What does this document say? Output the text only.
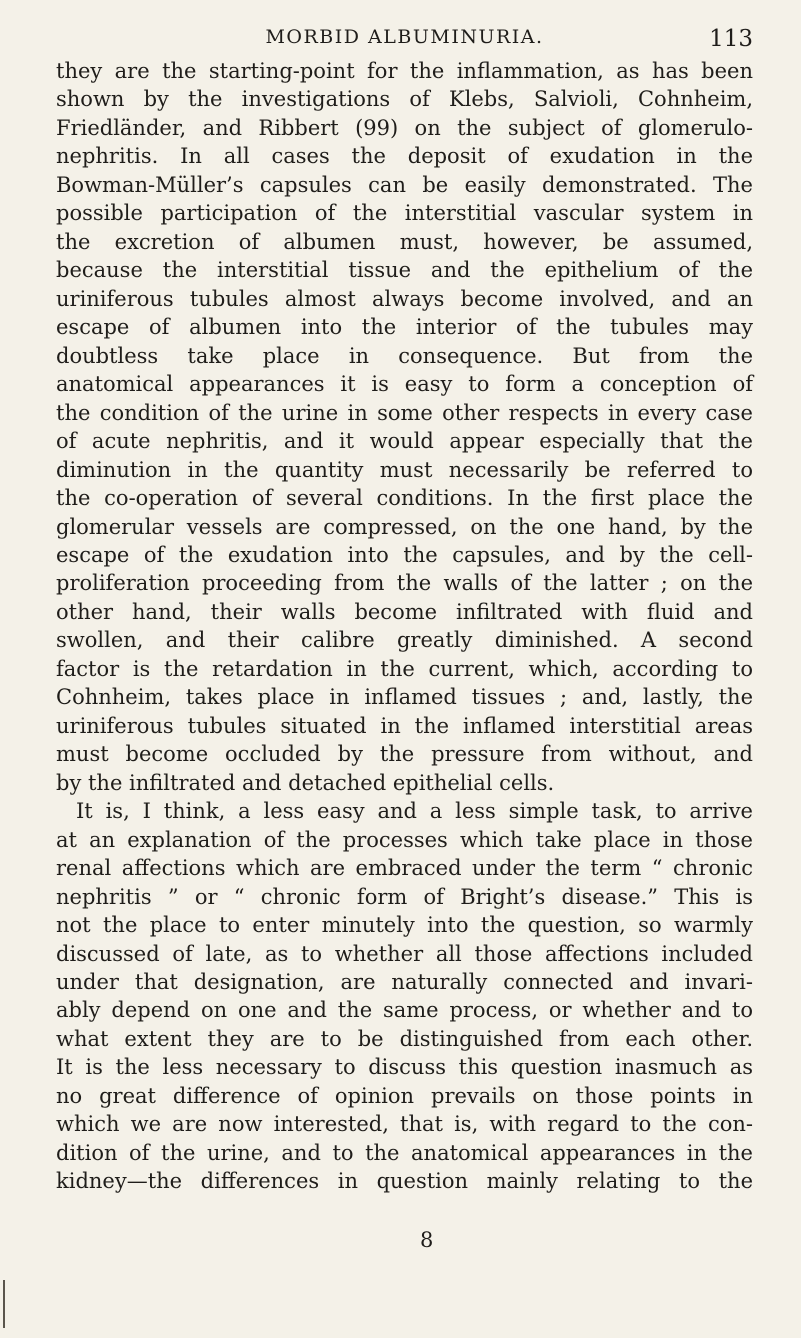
MORBID ALBUMINURIA.	113
they are the starting-point for the inflammation, as has been
shown by the investigations of Klebs, Salvioli, Cohnheim,
Friedländer, and Ribbert (99) on the subject of glomerulo-
nephritis. In all cases the deposit of exudation in the
Bowman-Müller’s capsules can be easily demonstrated. The
possible participation of the interstitial vascular system in
the excretion of albumen must, however, be assumed,
because the interstitial tissue and the epithelium of the
uriniferous tubules almost always become involved, and an
escape of albumen into the interior of the tubules may
doubtless take place in consequence. But from the
anatomical appearances it is easy to form a conception of
the condition of the urine in some other respects in every case
of acute nephritis, and it would appear especially that the
diminution in the quantity must necessarily be referred to
the co-operation of several conditions. In the first place the
glomerular vessels are compressed, on the one hand, by the
escape of the exudation into the capsules, and by the cell-
proliferation proceeding from the walls of the latter ; on the
other hand, their walls become infiltrated with fluid and
swollen, and their calibre greatly diminished. A second
factor is the retardation in the current, which, according to
Cohnheim, takes place in inflamed tissues ; and, lastly, the
uriniferous tubules situated in the inflamed interstitial areas
must become occluded by the pressure from without, and
by the infiltrated and detached epithelial cells.
It is, I think, a less easy and a less simple task, to arrive
at an explanation of the processes which take place in those
renal affections which are embraced under the term “ chronic
nephritis ” or “ chronic form of Bright’s disease.” This is
not the place to enter minutely into the question, so warmly
discussed of late, as to whether all those affections included
under that designation, are naturally connected and invari-
ably depend on one and the same process, or whether and to
what extent they are to be distinguished from each other.
It is the less necessary to discuss this question inasmuch as
no great difference of opinion prevails on those points in
which we are now interested, that is, with regard to the con-
dition of the urine, and to the anatomical appearances in the
kidney—the differences in question mainly relating to the
8
